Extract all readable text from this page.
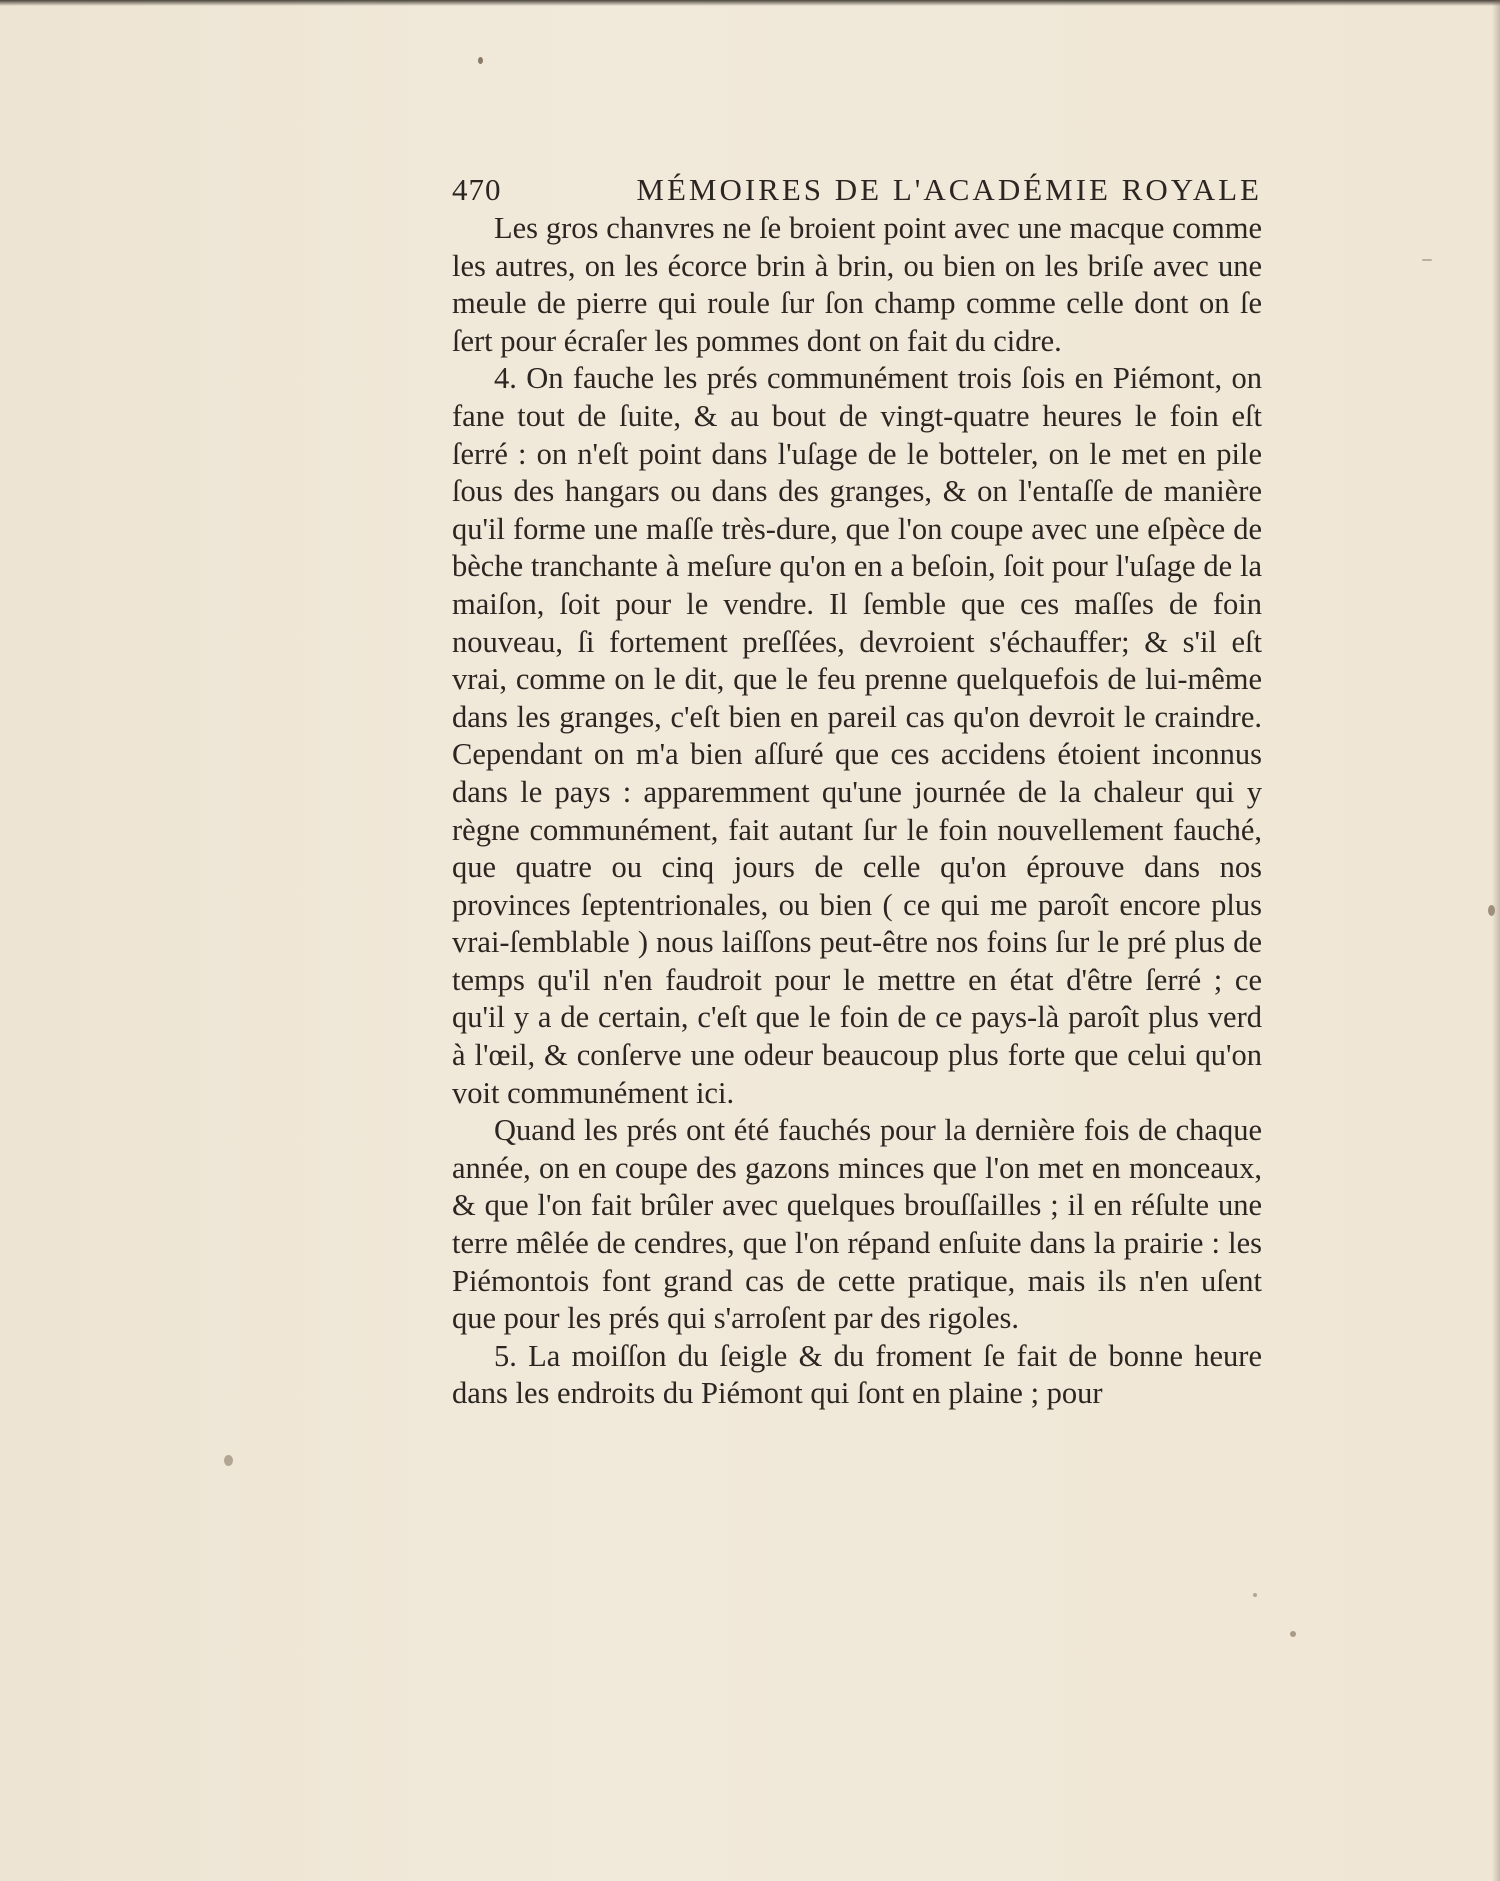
470	MÉMOIRES DE L'ACADÉMIE ROYALE

Les gros chanvres ne ſe broient point avec une macque comme les autres, on les écorce brin à brin, ou bien on les briſe avec une meule de pierre qui roule ſur ſon champ comme celle dont on ſe ſert pour écraſer les pommes dont on fait du cidre.

4. On fauche les prés communément trois ſois en Piémont, on fane tout de ſuite, & au bout de vingt-quatre heures le foin eſt ſerré : on n'eſt point dans l'uſage de le botteler, on le met en pile ſous des hangars ou dans des granges, & on l'entaſſe de manière qu'il forme une maſſe très-dure, que l'on coupe avec une eſpèce de bèche tranchante à meſure qu'on en a beſoin, ſoit pour l'uſage de la maiſon, ſoit pour le vendre. Il ſemble que ces maſſes de foin nouveau, ſi fortement preſſées, devroient s'échauffer; & s'il eſt vrai, comme on le dit, que le feu prenne quelquefois de lui-même dans les granges, c'eſt bien en pareil cas qu'on devroit le craindre. Cependant on m'a bien aſſuré que ces accidens étoient inconnus dans le pays : apparemment qu'une journée de la chaleur qui y règne communément, fait autant ſur le foin nouvellement fauché, que quatre ou cinq jours de celle qu'on éprouve dans nos provinces ſeptentrionales, ou bien ( ce qui me paroît encore plus vrai-ſemblable ) nous laiſſons peut-être nos foins ſur le pré plus de temps qu'il n'en faudroit pour le mettre en état d'être ſerré ; ce qu'il y a de certain, c'eſt que le foin de ce pays-là paroît plus verd à l'œil, & conſerve une odeur beaucoup plus forte que celui qu'on voit communément ici.

Quand les prés ont été fauchés pour la dernière fois de chaque année, on en coupe des gazons minces que l'on met en monceaux, & que l'on fait brûler avec quelques brouſſailles ; il en réſulte une terre mêlée de cendres, que l'on répand enſuite dans la prairie : les Piémontois font grand cas de cette pratique, mais ils n'en uſent que pour les prés qui s'arroſent par des rigoles.

5. La moiſſon du ſeigle & du froment ſe fait de bonne heure dans les endroits du Piémont qui ſont en plaine ; pour
